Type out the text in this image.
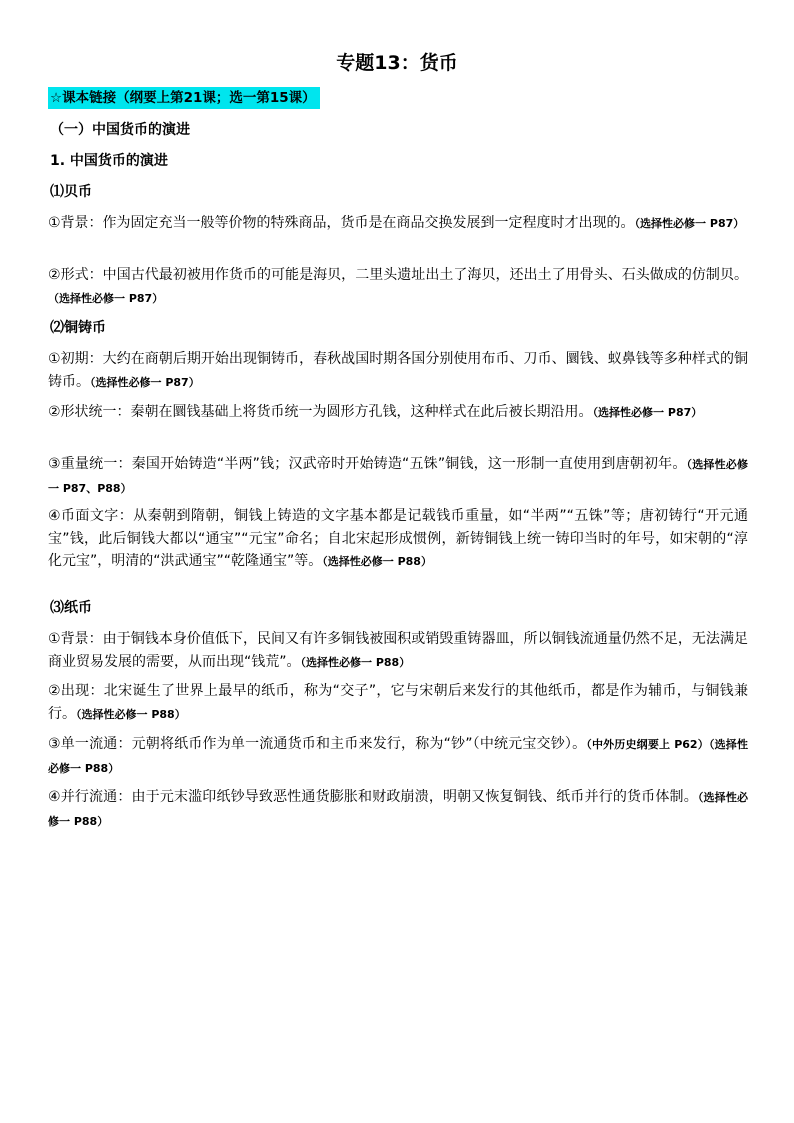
专题13：货币
☆课本链接（纲要上第21课；选一第15课）
（一）中国货币的演进
1. 中国货币的演进
⑴贝币
①背景：作为固定充当一般等价物的特殊商品，货币是在商品交换发展到一定程度时才出现的。（选择性必修一 P87）
②形式：中国古代最初被用作货币的可能是海贝，二里头遗址出土了海贝，还出土了用骨头、石头做成的仿制贝。（选择性必修一 P87）
⑵铜铸币
①初期：大约在商朝后期开始出现铜铸币，春秋战国时期各国分别使用布币、刀币、圜钱、蚁鼻钱等多种样式的铜铸币。（选择性必修一 P87）
②形状统一：秦朝在圜钱基础上将货币统一为圆形方孔钱，这种样式在此后被长期沿用。（选择性必修一 P87）
③重量统一：秦国开始铸造“半两”钱；汉武帝时开始铸造“五铢”铜钱，这一形制一直使用到唐朝初年。（选择性必修一 P87、P88）
④币面文字：从秦朝到隋朝，铜钱上铸造的文字基本都是记载钱币重量，如“半两”“五铢”等；唐初铸行“开元通宝”钱，此后铜钱大都以“通宝”“元宝”命名；自北宋起形成惯例，新铸铜钱上统一铸印当时的年号，如宋朝的“淳化元宝”，明清的“洪武通宝”“乾隆通宝”等。（选择性必修一 P88）
⑶纸币
①背景：由于铜钱本身价值低下，民间又有许多铜钱被囤积或销毁重铸器皿，所以铜钱流通量仍然不足，无法满足商业贸易发展的需要，从而出现“钱荒”。（选择性必修一 P88）
②出现：北宋诞生了世界上最早的纸币，称为“交子”，它与宋朝后来发行的其他纸币，都是作为辅币，与铜钱兼行。（选择性必修一 P88）
③单一流通：元朝将纸币作为单一流通货币和主币来发行，称为“钞”（中统元宝交钞）。（中外历史纲要上 P62）（选择性必修一 P88）
④并行流通：由于元末滥印纸钞导致恶性通货膨胀和财政崩溃，明朝又恢复铜钱、纸币并行的货币体制。（选择性必修一 P88）
